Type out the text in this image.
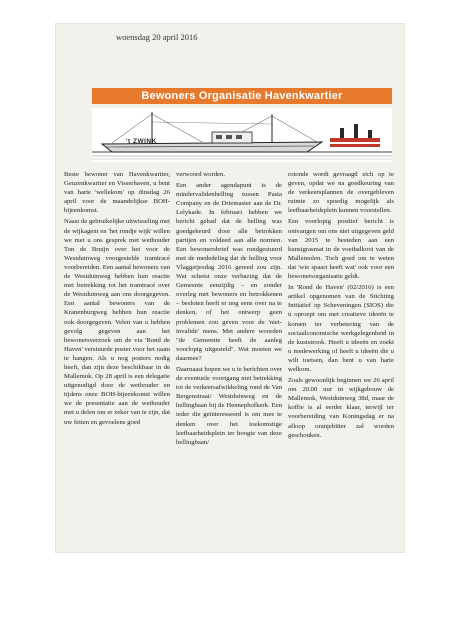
woensdag 20 april 2016
Bewoners Organisatie Havenkwartier
't ZWINK

Beste bewoner van Havenkwartier, Geuzenkwartier en Visserhaven, u bent van harte 'wellekom' op dinsdag 26 april voor de maandelijkse BOH-bijeenkomst.

Naast de gebruikelijke uitwisseling met de wijkagent en 'het rondje wijk' willen we met u ons gesprek met wethouder Ton de Bruijn over het voor de Westduinweg voorgestelde tramtracé voorbereiden. Een aantal bewoners van de Westduinweg hebben hun reactie met betrekking tot het tramtracé over de Westduinweg aan ons doorgegeven. Een aantal bewoners van de Kranenburgweg hebben hun reactie ook doorgegeven. Velen van u hebben gevolg gegeven aan het bewonersverzoek om de via 'Rond de Haven' verstuurde poster voor het raam te hangen. Als u nog posters nodig heeft, dan zijn deze beschikbaar in de Mallemok. Op 28 april is een delegatie uitgenodigd door de wethouder en tijdens onze BOH-bijeenkomst willen we de presentatie aan de wethouder met u delen om er zeker van te zijn, dat uw feiten en gevoelens goed

verwoord worden.

Een ander agendapunt is de mindervalidenhelling tussen Pasta Company en de Driemaster aan de Dr. Lelykade. In februari hebben we bericht gehad dat de helling was goedgekeurd door alle betrokken partijen en voldeed aan alle normen. Een bewonersbrief was rondgestuurd met de mededeling dat de helling voor Vlaggetjesdag 2016 gereed zou zijn. Wat schetst onze verbazing dat de Gemeente eenzijdig – en zonder overleg met bewoners en betrokkenen – besloten heeft er nog eens over na te denken, of het ontwerp geen problemen zou geven voor de 'niet-invalide' mens. Met andere woorden "de Gemeente heeft de aanleg voorlopig uitgesteld". Wat moeten we daarmee?

Daarnaast hopen we u te berichten over de eventuele voortgang met betrekking tot de verkeersafwikkeling rond de Van Bergenstraat/ Westduinweg en de hellingbaan bij de Hennephofkerk. Een ieder die geïnteresseerd is om mee te denken over het toekomstige leefbaarheidsplein ter hoogte van deze hellingbaan/

rotonde wordt gevraagd zich op te geven, opdat we na goedkeuring van de verkeersplannen de overgebleven ruimte zo spoedig mogelijk als leefbaarheidsplein kunnen voorstellen.

Een voorlopig positief bericht is ontvangen om ons niet uitgegeven geld van 2015 te besteden aan een kunstgrasmat in de voetbalkooi van de Mallemolen. Toch goed om te weten dat 'wie spaart heeft wat' ook voor een bewonersorganisatie geldt.

In 'Rond de Haven' (02/2016) is een artikel opgenomen van de Stichting Initiatief op Scheveningen (SIOS) die u oproept om met creatieve ideeën te komen ter verbetering van de sociaalconomische werkgelegenheid in de kuststrook. Heeft u ideeën en zoekt u medewerking of heeft u ideeën die u wilt toetsen, dan bent u van harte welkom.

Zoals gewoonlijk beginnen we 26 april om 20.00 uur in wijkgebouw de Mallemok, Westduinweg 38d, maar de koffie is al eerder klaar, terwijl ter voorbereiding van Koningsdag er na afloop oranjebitter zal worden geschonken.
